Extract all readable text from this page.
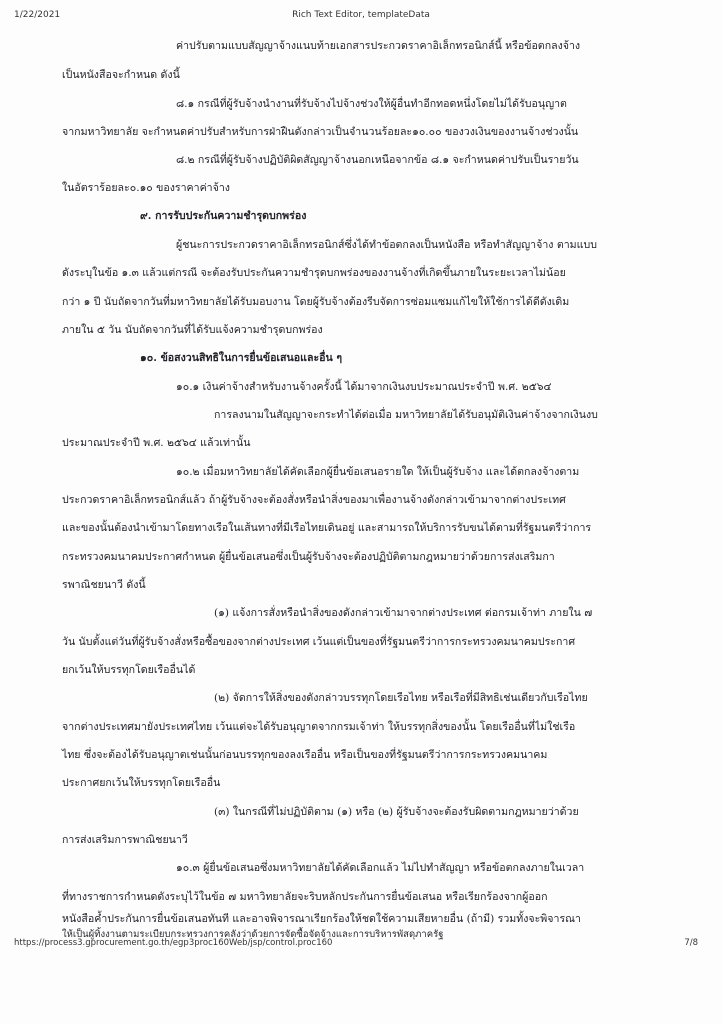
1/22/2021	Rich Text Editor, templateData
ค่าปรับตามแบบสัญญาจ้างแนบท้ายเอกสารประกวดราคาอิเล็กทรอนิกส์นี้ หรือข้อตกลงจ้าง
เป็นหนังสือจะกำหนด ดังนี้
๘.๑ กรณีที่ผู้รับจ้างนำงานที่รับจ้างไปจ้างช่วงให้ผู้อื่นทำอีกทอดหนึ่งโดยไม่ได้รับอนุญาต
จากมหาวิทยาลัย จะกำหนดค่าปรับสำหรับการฝ่าฝืนดังกล่าวเป็นจำนวนร้อยละ๑๐.๐๐ ของวงเงินของงานจ้างช่วงนั้น
๘.๒ กรณีที่ผู้รับจ้างปฏิบัติผิดสัญญาจ้างนอกเหนือจากข้อ ๘.๑ จะกำหนดค่าปรับเป็นรายวัน
ในอัตราร้อยละ๐.๑๐ ของราคาค่าจ้าง
๙. การรับประกันความชำรุดบกพร่อง
ผู้ชนะการประกวดราคาอิเล็กทรอนิกส์ซึ่งได้ทำข้อตกลงเป็นหนังสือ หรือทำสัญญาจ้าง ตามแบบ
ดังระบุในข้อ ๑.๓ แล้วแต่กรณี จะต้องรับประกันความชำรุดบกพร่องของงานจ้างที่เกิดขึ้นภายในระยะเวลาไม่น้อย
กว่า ๑ ปี นับถัดจากวันที่มหาวิทยาลัยได้รับมอบงาน โดยผู้รับจ้างต้องรีบจัดการซ่อมแซมแก้ไขให้ใช้การได้ดีดังเดิม
ภายใน ๕ วัน นับถัดจากวันที่ได้รับแจ้งความชำรุดบกพร่อง
๑๐. ข้อสงวนสิทธิในการยื่นข้อเสนอและอื่น ๆ
๑๐.๑ เงินค่าจ้างสำหรับงานจ้างครั้งนี้ ได้มาจากเงินงบประมาณประจำปี พ.ศ. ๒๕๖๔
การลงนามในสัญญาจะกระทำได้ต่อเมื่อ มหาวิทยาลัยได้รับอนุมัติเงินค่าจ้างจากเงินงบ
ประมาณประจำปี พ.ศ. ๒๕๖๔ แล้วเท่านั้น
๑๐.๒ เมื่อมหาวิทยาลัยได้คัดเลือกผู้ยื่นข้อเสนอรายใด ให้เป็นผู้รับจ้าง และได้ตกลงจ้างตาม
ประกวดราคาอิเล็กทรอนิกส์แล้ว ถ้าผู้รับจ้างจะต้องสั่งหรือนำสิ่งของมาเพื่องานจ้างดังกล่าวเข้ามาจากต่างประเทศ
และของนั้นต้องนำเข้ามาโดยทางเรือในเส้นทางที่มีเรือไทยเดินอยู่ และสามารถให้บริการรับขนได้ตามที่รัฐมนตรีว่าการ
กระทรวงคมนาคมประกาศกำหนด ผู้ยื่นข้อเสนอซึ่งเป็นผู้รับจ้างจะต้องปฏิบัติตามกฎหมายว่าด้วยการส่งเสริมกา
รพาณิชยนาวี ดังนี้
(๑) แจ้งการสั่งหรือนำสิ่งของดังกล่าวเข้ามาจากต่างประเทศ ต่อกรมเจ้าท่า ภายใน ๗
วัน นับตั้งแต่วันที่ผู้รับจ้างสั่งหรือซื้อของจากต่างประเทศ เว้นแต่เป็นของที่รัฐมนตรีว่าการกระทรวงคมนาคมประกาศ
ยกเว้นให้บรรทุกโดยเรืออื่นได้
(๒) จัดการให้สิ่งของดังกล่าวบรรทุกโดยเรือไทย หรือเรือที่มีสิทธิเช่นเดียวกับเรือไทย
จากต่างประเทศมายังประเทศไทย เว้นแต่จะได้รับอนุญาตจากกรมเจ้าท่า ให้บรรทุกสิ่งของนั้น โดยเรืออื่นที่ไม่ใช่เรือ
ไทย ซึ่งจะต้องได้รับอนุญาตเช่นนั้นก่อนบรรทุกของลงเรืออื่น หรือเป็นของที่รัฐมนตรีว่าการกระทรวงคมนาคม
ประกาศยกเว้นให้บรรทุกโดยเรืออื่น
(๓) ในกรณีที่ไม่ปฏิบัติตาม (๑) หรือ (๒) ผู้รับจ้างจะต้องรับผิดตามกฎหมายว่าด้วย
การส่งเสริมการพาณิชยนาวี
๑๐.๓ ผู้ยื่นข้อเสนอซึ่งมหาวิทยาลัยได้คัดเลือกแล้ว ไม่ไปทำสัญญา หรือข้อตกลงภายในเวลา
ที่ทางราชการกำหนดดังระบุไว้ในข้อ ๗ มหาวิทยาลัยจะริบหลักประกันการยื่นข้อเสนอ หรือเรียกร้องจากผู้ออก
หนังสือค้ำประกันการยื่นข้อเสนอทันที และอาจพิจารณาเรียกร้องให้ชดใช้ความเสียหายอื่น (ถ้ามี) รวมทั้งจะพิจารณา
ให้เป็นผู้ทิ้งงานตามระเบียบกระทรวงการคลังว่าด้วยการจัดซื้อจัดจ้างและการบริหารพัสดุภาครัฐ
https://process3.gprocurement.go.th/egp3proc160Web/jsp/control.proc160	7/8
